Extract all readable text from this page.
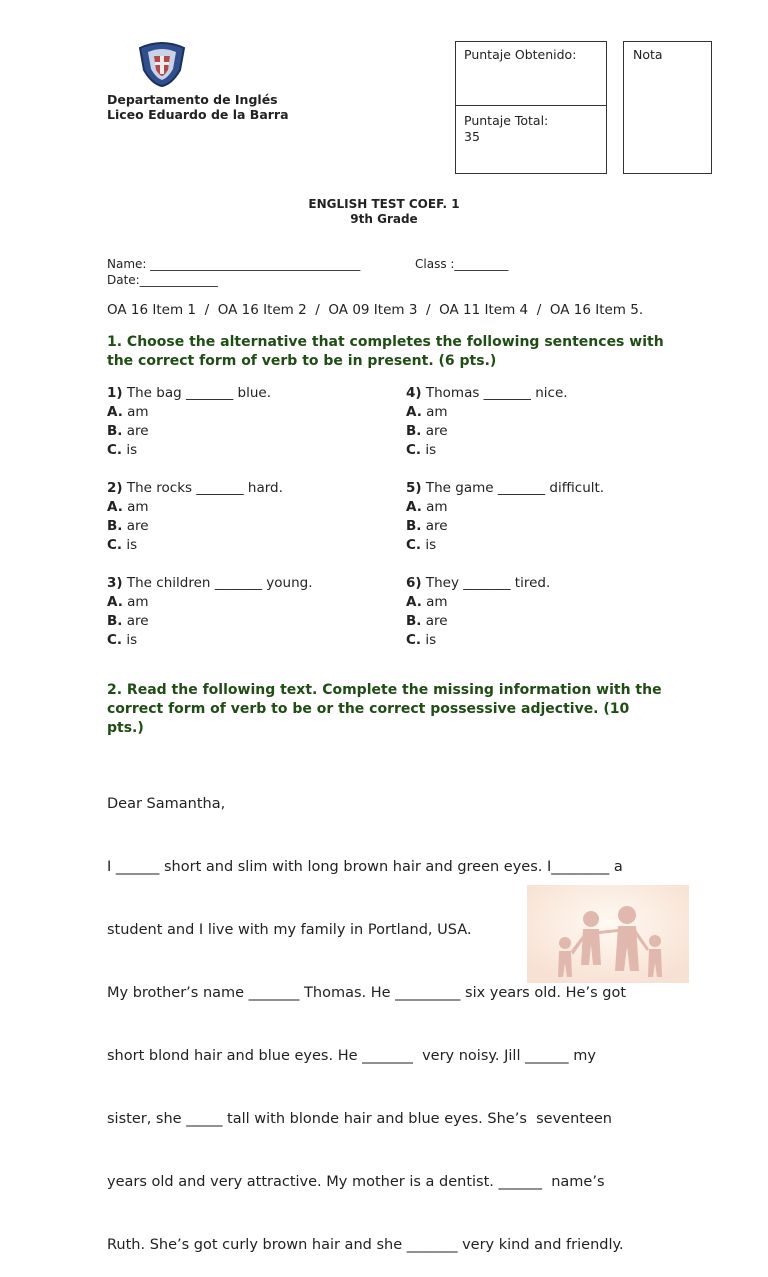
Departamento de Inglés
Liceo Eduardo de la Barra
Puntaje Obtenido:
Puntaje Total:
35
Nota
ENGLISH TEST COEF. 1
9th Grade
Name: ___________________________________	Class :_________
Date:_____________
OA 16 Item 1  /  OA 16 Item 2  /  OA 09 Item 3  /  OA 11 Item 4  /  OA 16 Item 5.
1. Choose the alternative that completes the following sentences with
the correct form of verb to be in present. (6 pts.)
1) The bag _______ blue.
A. am
B. are
C. is
2) The rocks _______ hard.
A. am
B. are
C. is
3) The children _______ young.
A. am
B. are
C. is
4) Thomas _______ nice.
A. am
B. are
C. is
5) The game _______ difficult.
A. am
B. are
C. is
6) They _______ tired.
A. am
B. are
C. is
2. Read the following text. Complete the missing information with the
correct form of verb to be or the correct possessive adjective. (10
pts.)

Dear Samantha,

I ______ short and slim with long brown hair and green eyes. I________ a

student and I live with my family in Portland, USA.

My brother’s name _______ Thomas. He _________ six years old. He’s got

short blond hair and blue eyes. He _______  very noisy. Jill ______ my

sister, she _____ tall with blonde hair and blue eyes. She’s  seventeen

years old and very attractive. My mother is a dentist. ______  name’s

Ruth. She’s got curly brown hair and she _______ very kind and friendly.
